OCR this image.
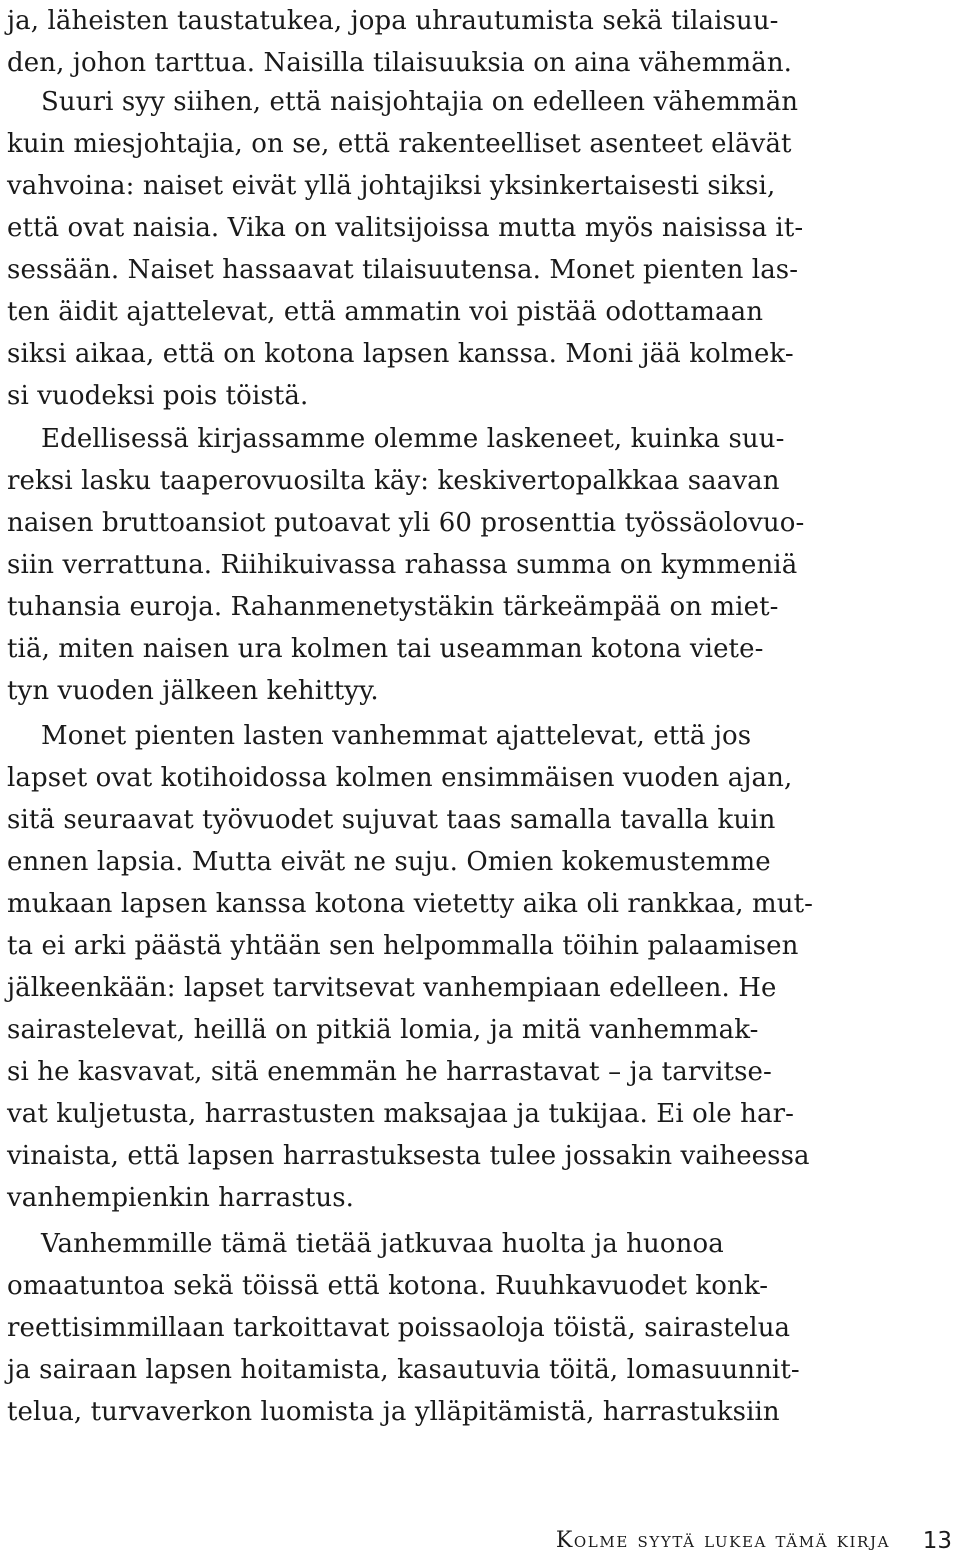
ja, läheisten taustatukea, jopa uhrautumista sekä tilaisuu-
den, johon tarttua. Naisilla tilaisuuksia on aina vähemmän.
Suuri syy siihen, että naisjohtajia on edelleen vähemmän
kuin miesjohtajia, on se, että rakenteelliset asenteet elävät
vahvoina: naiset eivät yllä johtajiksi yksinkertaisesti siksi,
että ovat naisia. Vika on valitsijoissa mutta myös naisissa it-
sessään. Naiset hassaavat tilaisuutensa. Monet pienten las-
ten äidit ajattelevat, että ammatin voi pistää odottamaan
siksi aikaa, että on kotona lapsen kanssa. Moni jää kolmek-
si vuodeksi pois töistä.
Edellisessä kirjassamme olemme laskeneet, kuinka suu-
reksi lasku taaperovuosilta käy: keskivertopalkkaa saavan
naisen bruttoansiot putoavat yli 60 prosenttia työssäolovuo-
siin verrattuna. Riihikuivassa rahassa summa on kymmeniä
tuhansia euroja. Rahanmenetystäkin tärkeämpää on miet-
tiä, miten naisen ura kolmen tai useamman kotona viete-
tyn vuoden jälkeen kehittyy.
Monet pienten lasten vanhemmat ajattelevat, että jos
lapset ovat kotihoidossa kolmen ensimmäisen vuoden ajan,
sitä seuraavat työvuodet sujuvat taas samalla tavalla kuin
ennen lapsia. Mutta eivät ne suju. Omien kokemustemme
mukaan lapsen kanssa kotona vietetty aika oli rankkaa, mut-
ta ei arki päästä yhtään sen helpommalla töihin palaamisen
jälkeenkään: lapset tarvitsevat vanhempiaan edelleen. He
sairastelevat, heillä on pitkiä lomia, ja mitä vanhemmak-
si he kasvavat, sitä enemmän he harrastavat – ja tarvitse-
vat kuljetusta, harrastusten maksajaa ja tukijaa. Ei ole har-
vinaista, että lapsen harrastuksesta tulee jossakin vaiheessa
vanhempienkin harrastus.
Vanhemmille tämä tietää jatkuvaa huolta ja huonoa
omaatuntoa sekä töissä että kotona. Ruuhkavuodet konk-
reettisimmillaan tarkoittavat poissaoloja töistä, sairastelua
ja sairaan lapsen hoitamista, kasautuvia töitä, lomasuunnit-
telua, turvaverkon luomista ja ylläpitämistä, harrastuksiin
Kolme syytä lukea tämä kirja 13
